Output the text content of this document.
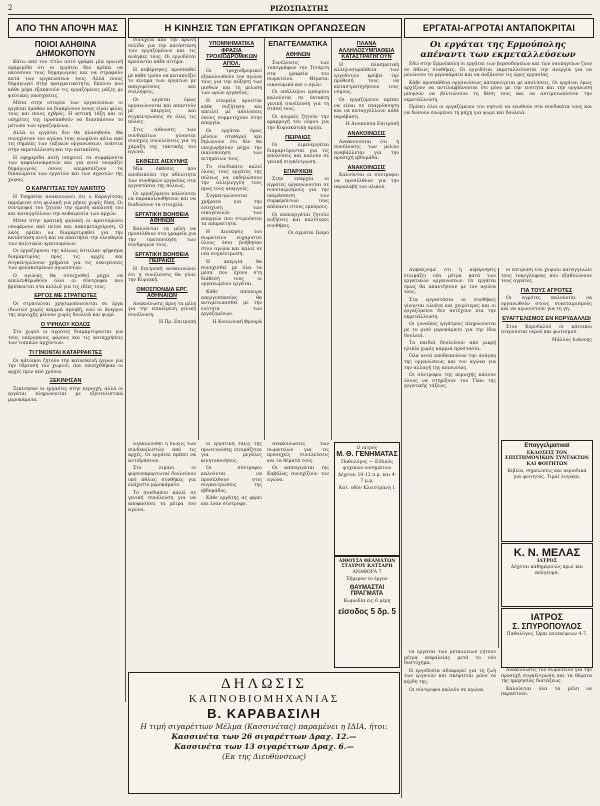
2	ΡΙΖΟΣΠΑΣΤΗΣ
ΑΠΟ ΤΗΝ ΑΠΟΨΗ ΜΑΣ	Η ΚΙΝΗΣΙΣ ΤΩΝ ΕΡΓΑΤΙΚΩΝ ΟΡΓΑΝΩΣΕΩΝ	ΕΡΓΑΤΑΙ-ΑΓΡΟΤΑΙ ΑΝΤΑΠΟΚΡΙΤΑΙ
ΠΟΙΟΙ ΑΛΗΘΙΝΑ ΔΗΜΟΚΟΠΟΥΝ

Κάτω από τον τίτλο αυτό γράφει μία πρωινή εφημερίδα ότι οι εργάται δεν πρέπει να ακούσουν τους δημαγωγούς και να στραφούν κατά των οργανώσεων τους. Αλλά ποιος δημαγωγεί στην πραγματικότητα; Εκείνοι που κάθε μέρα εξαπατούν τις εργαζόμενες μάζες με ψεύτικες υποσχέσεις.

Μέσα στην ιστορία των οργανώσεων οι εργάται έμαθαν να διακρίνουν ποιος είναι φίλος τους και ποιος εχθρός. Η αστική τάξη και οι υπηρέτες της προσπαθούν να διασπάσουν το μέτωπο των εργαζομένων.

Αλλά οι εργάται δεν θα πλανηθούν. Θα συνεχίσουν τον αγώνα τους ενωμένοι κάτω από τις σημαίες των ταξικών οργανώσεων, ενάντια στην εκμετάλλευση και την καταπίεση.

Η εφημερίδα αυτή υπηρετεί τα συμφέροντα των κεφαλαιοκρατών και για αυτό ονομάζει δημαγωγούς όσους υπερασπίζουν τα δικαιώματα των εργατών και των αγροτών της χώρας.

Ο ΚΑΡΑΓΙΤΣΑΣ ΤΟΥ ΛΙΑΝΤΙΤΟ

Η Υπηρεσία ανακοινώνει ότι ο Καραγίτσας παρέμεινε στη φυλακή για μήνες χωρίς δίκη. Οι σύντροφοί του ζητούν την άμεση απόλυσή του και καταγγέλλουν την αυθαιρεσία των αρχών.

Μέσα στην κρατική φυλακή οι κρατούμενοι υποφέρουν από πείνα και κακομεταχείριση. Ο λαός πρέπει να διαμαρτυρηθεί για την κατάσταση αυτή και να απαιτήσει την ελευθερία των πολιτικών κρατουμένων.

Οι εργαζόμενοι της πόλεως έστειλαν ψήφισμα διαμαρτυρίας προς τις αρχές και συγκεντρώνουν χρήματα για τις οικογένειες των φυλακισμένων αγωνιστών.

Ο αγώνας θα συνεχισθεί μέχρι να απελευθερωθούν όλοι οι σύντροφοι που βρίσκονται στα κελλιά για τις ιδέες τους.

ΕΡΓΟΣ ΜΕ ΣΤΡΑΤΙΩΤΕΣ

Οι στρατιώται χρησιμοποιούνται σε έργα ιδιωτών χωρίς καμμιά αμοιβή, ενώ οι άνεργοι της περιοχής μένουν χωρίς δουλειά και ψωμί.

Ο ΥΨΗΛΟΥ ΚΟΛΟΣ

Στο χωριό οι αγρότες διαμαρτύρονται για τους υπέρογκους φόρους και τις καταχρήσεις των τοπικών αρχόντων.

ΤΙ ΓΙΝΟΝΤΑΙ ΚΑΤΑΡΡΑΚΤΕΣ

Οι κάτοικοι ζητούν την κατασκευή έργων για την ύδρευση του χωριού, που υποσχέθηκαν οι αρχές πριν από χρόνια.

ΞΕΚΙΝΗΣΑΝ

Ξεκίνησαν οι εργασίες στην περιοχή, αλλά οι εργάται πληρώνονται με εξευτελιστικά μεροκάματα.

συνέχεια από την πρώτη σελίδα για την κατάσταση των εργαζομένων και τις ανάγκες τους. Οι εργοδόται αρνούνται κάθε αίτημα.

Η κυβέρνησις προσπαθεί με κάθε τρόπο να καταπνίξει το κίνημα των εργατών με απαγορεύσεις και συλλήψεις.

Οι εργάται όμως οργανώνονται και απαντούν με απεργίες και συγκεντρώσεις σε όλες τις πόλεις.

Στις αίθουσες των συνδικάτων γίνονται συνεχώς συνελεύσεις για τη χάραξη της τακτικής του αγώνα.

ΕΚΘΕΣΙΣ ΑΙΣΧΥΝΗΣ

Μία έκθεσις που αποδεικνύει την αθλιότητα των συνθηκών εργασίας στα εργοστάσια της πόλεως.

Οι εργαζόμενοι καλούνται να παρακολουθήσουν και να διαδώσουν τα στοιχεία.

ΕΡΓΑΤΙΚΗ ΒΟΗΘΕΙΑ ΑΘΗΝΩΝ

Καλούνται τα μέλη να προσέλθουν στα γραφεία για την τακτοποίηση των συνδρομών τους.

ΕΡΓΑΤΙΚΗ ΒΟΗΘΕΙΑ ΠΕΙΡΑΙΩΣ

Η Επιτροπή ανακοινώνει ότι η συνέλευσις θα γίνει την Κυριακή.

ΟΜΟΣΠΟΝΔΙΑ ΕΡΓ. ΑΘΗΝΑΙΩΝ

Ανακοίνωσις προς τα μέλη για την επικείμενη γενική συνέλευση.

Η Πρ. Επιτροπή

ΥΠΟΜΝΗΜΑΤΙΚΑ ΦΡΑΣΙΑ ΤΡΟΧΙΟΔΡΟΜΙΚΩΝ ΑΠΟΛ.

Οι τροχιοδρομικοί εξακολουθούν τον αγώνα τους για την αύξηση των μισθών και τη μείωση των ωρών εργασίας.

Η εταιρεία αρνείται κάθε συζήτηση και απειλεί με απολύσεις όσους συμμετέχουν στην απεργία.

Οι εργάται όμως μένουν σταθεροί και δηλώνουν ότι δεν θα υποχωρήσουν μέχρι την ικανοποίηση των αιτημάτων τους.

Το συνδικάτο καλεί όλους τους εργάτες της πόλεως να εκδηλώσουν την αλληλεγγύη τους προς τους απεργούς.

Συγκεντρώνονται χρήματα για την ενίσχυση των οικογενειών των απεργών που στερούνται τα απαραίτητα.

Η Διοίκησις του σωματείου ευχαριστεί όλους όσοι βοήθησαν στον αγώνα και καλεί σε νέα συγκέντρωση.

Η απεργία θα συνεχισθεί με όλα τα μέσα που έχουν στη διάθεσή τους οι οργανωμένοι εργάται.

Κάθε απόπειρα απεργοσπασίας θα αντιμετωπισθεί με την ενότητα των εργαζομένων.

Η Κοινωνική Φρουρά

ΕΠΑΓΓΕΛΜΑΤΙΚΑ
ΑΘΗΝΩΝ

Συνέλευσις των τυπογράφων την Τετάρτη στα γραφεία του σωματείου. Θέματα: οικονομικά και ο αγών.

Οι υπάλληλοι εμπορίου καλούνται σε έκτακτη γενική συνέλευση για τη στάση τους.

Οι κουρείς ζητούν την εφαρμογή του νόμου για την Κυριακάτικη αργία.

ΠΕΙΡΑΙΩΣ

Οι λιμενεργάται διαμαρτύρονται για τις απολύσεις και καλούν σε γενική συγκέντρωση.

ΕΠΑΡΧΙΩΝ

Στην επαρχία οι αγρότες οργανώνονται σε συνεταιρισμούς για την υπεράσπιση των συμφερόντων τους απέναντι στους εμπόρους.

Οι καπνεργάται ζητούν αυξήσεις και καλύτερες συνθήκες.

Οι αγρόται Ιλαμό

ΠΛΑΝΑ ΑΛΛΗΛΟΣΥΜΠΑΘΕΙΑ ΚΑΤΑΣΤΡΑΤΗΓΟΥΝ

Η πλασματική αλληλοσυμπάθεια των εργοδοτών κρύβει την πρόθεσή τους να καταστρατηγήσουν τους νόμους.

Οι εργαζόμενοι πρέπει να είναι σε επαγρύπνηση και να καταγγέλλουν κάθε παράβαση.

Η Διοικούσα Επιτροπή

ΑΝΑΚΟΙΝΩΣΙΣ

Ανακοινούται ότι η συνέλευσις των μελών αναβάλλεται για την προσεχή εβδομάδα.

ΑΝΑΚΟΙΝΩΣΙΣ

Καλούνται οι σύντροφοι να προσέλθουν για την παραλαβή του υλικού.

Οι εργάται της Ερμούπολης απέναντι των εκμεταλλεύσεων

Εδώ στην Ερμούπολη οι εργάται των βυρσοδεψείων και των ναυπηγείων ζουν σε άθλιες συνθήκες. Οι εργοδόται εκμεταλλεύονται την ανεργία για να μειώνουν τα μεροκάματα και να αυξάνουν τις ώρες εργασίας.

Κάθε προσπάθεια οργανώσεως καταπνίγεται με απολύσεις. Οι εργάται όμως αρχίζουν να αντιλαμβάνονται ότι μόνο με την ενότητα και την οργάνωση μπορούν να βελτιώσουν τη θέση τους και να αντιμετωπίσουν την εκμετάλλευση.

Πρέπει όλοι οι εργαζόμενοι του νησιού να ενωθούν στα συνδικάτα τους και να δώσουν ενωμένοι τη μάχη για ψωμί και δουλειά.

Διαβάζουμε ότι η κυβέρνησις ετοιμάζει νέα μέτρα κατά των εργατικών οργανώσεων. Οι εργάται όμως θα απαντήσουν με τον αγώνα τους.

Στα εργοστάσια οι συνθήκες γίνονται ολοένα και χειρότερες και οι εργαζόμενοι δεν αντέχουν πια την εκμετάλλευση.

Οι γυναίκες εργάτριες πληρώνονται με το μισό μεροκάματο για την ίδια δουλειά.

Τα παιδιά δουλεύουν από μικρή ηλικία χωρίς καμμιά προστασία.

Όλα αυτά αποδεικνύουν την ανάγκη της οργανώσεως και του αγώνα για την αλλαγή της κοινωνίας.

Οι σύντροφοι της περιοχής καλούν όλους να στηρίξουν τον Τύπο της εργατικής τάξεως.

Η επιτροπή του χωριού καταγγέλλει τους τοκογλύφους που εξαθλιώνουν τους αγρότες.

ΓΙΑ ΤΟΥΣ ΑΓΡΟΤΕΣ

Οι αγρότες καλούνται να οργανωθούν στους συνεταιρισμούς και να αγωνιστούν για τη γη.

ΕΥΑΓΓΕΛΙΣΜΟΣ ΕΝ ΚΟΡΥΔΑΛΛΩΙ

Στον Κορυδαλλό οι κάτοικοι στερούνται νερού και φωτισμού.

Μάλλος Ιωάννης

Επαγγελματικαί
ΕΚΔΟΣΕΙΣ ΤΟΝ ΕΠΙΣΤΗΜΟΝΙΚΩΝ ΣΥΝΤΑΚΤΩΝ ΚΑΙ ΦΟΙΤΗΤΩΝ
Βιβλία, σημειώσεις και περιοδικά για φοιτητάς. Τιμαί λογικαί.
Κ. Ν. ΜΕΛΑΣ
ΙΑΤΡΟΣ
Δέχεται καθημερινώς πρωί και απόγευμα.
ΙΑΤΡΟΣ
Σ. ΣΠΥΡΟΠΟΥΛΟΣ
Παθολόγος. Ώραι επισκέψεων 4-7.

Εξακολουθεί η δίωξις των συνδικαλιστών από τις αρχές. Οι εργάται πρέπει να αντιδράσουν.

Στο λιμάνι οι φορτοεκφορτωταί δουλεύουν υπό άθλιες συνθήκες για ελάχιστο μεροκάματο.

Το συνδικάτο καλεί σε γενική συνέλευση για να αποφασίσει τα μέτρα του αγώνα.

Η εργατική τάξις της πρωτευούσης ετοιμάζεται για μεγάλες κινητοποιήσεις.

Οι σύντροφοι καλούνται να προσέλθουν στις συγκεντρώσεις της εβδομάδος.

Κάθε εργάτης ας φέρει και έναν σύντροφο.

Ανακοινώσεις των σωματείων για τις προσεχείς συνελεύσεις και τα θέματά τους.

Οι καπνεργάται της Καβάλας συνεχίζουν τον αγώνα.

Ο ιατρός
Μ. Θ. ΓΕΝΗΜΑΤΑΣ
Παθολόγος — Ειδικός ψυχικών νοσημάτων
Δέχεται 10-12 π.μ. και 4-7 μ.μ.
Κατ. οδόν Κλειστράνη 1
ΑΙΘΟΥΣΑ ΘΕΑΜΑΤΩΝ ΣΤΑΥΡΟΥ ΚΑΤΣΑΡΗ
ΑΝΑΦΟΡΑ 7
Σήμερον το έργον
ΘΑΥΜΑΣΤΑΙ ΠΡΑΓΜΑΤΑ
Κωμωδία εις 6 μέρη
είσοδος 5 δρ. 5
ΔΗΛΩΣΙΣ
ΚΑΠΝΟΒΙΟΜΗΧΑΝΙΑΣ
Β. ΚΑΡΑΒΑΣΙΛΗ
Η τιμή σιγαρέττων Μέλμα (Κασσινέτας) παραμένει η ΙΔΙΑ, ήτοι:
Κασσινέτα των 26 σιγαρέττων Δραχ. 12.—
Κασσινέτα των 13 σιγαρέττων Δραχ. 6.—
(Εκ της Διευθύνσεως)

Οι εργάται των μεταλλείων ζητούν μέτρα ασφαλείας μετά το νέο δυστύχημα.

Η εργοδοσία αδιαφορεί για τη ζωή των εργατών και σκέφτεται μόνο τα κέρδη της.

Οι σύντροφοι καλούν σε αγώνα.

Ανακοίνωσις του σωματείου για την προσεχή συγκέντρωση και τα θέματα της ημερησίας διατάξεως.

Καλούνται όλα τα μέλη να παραστούν.
